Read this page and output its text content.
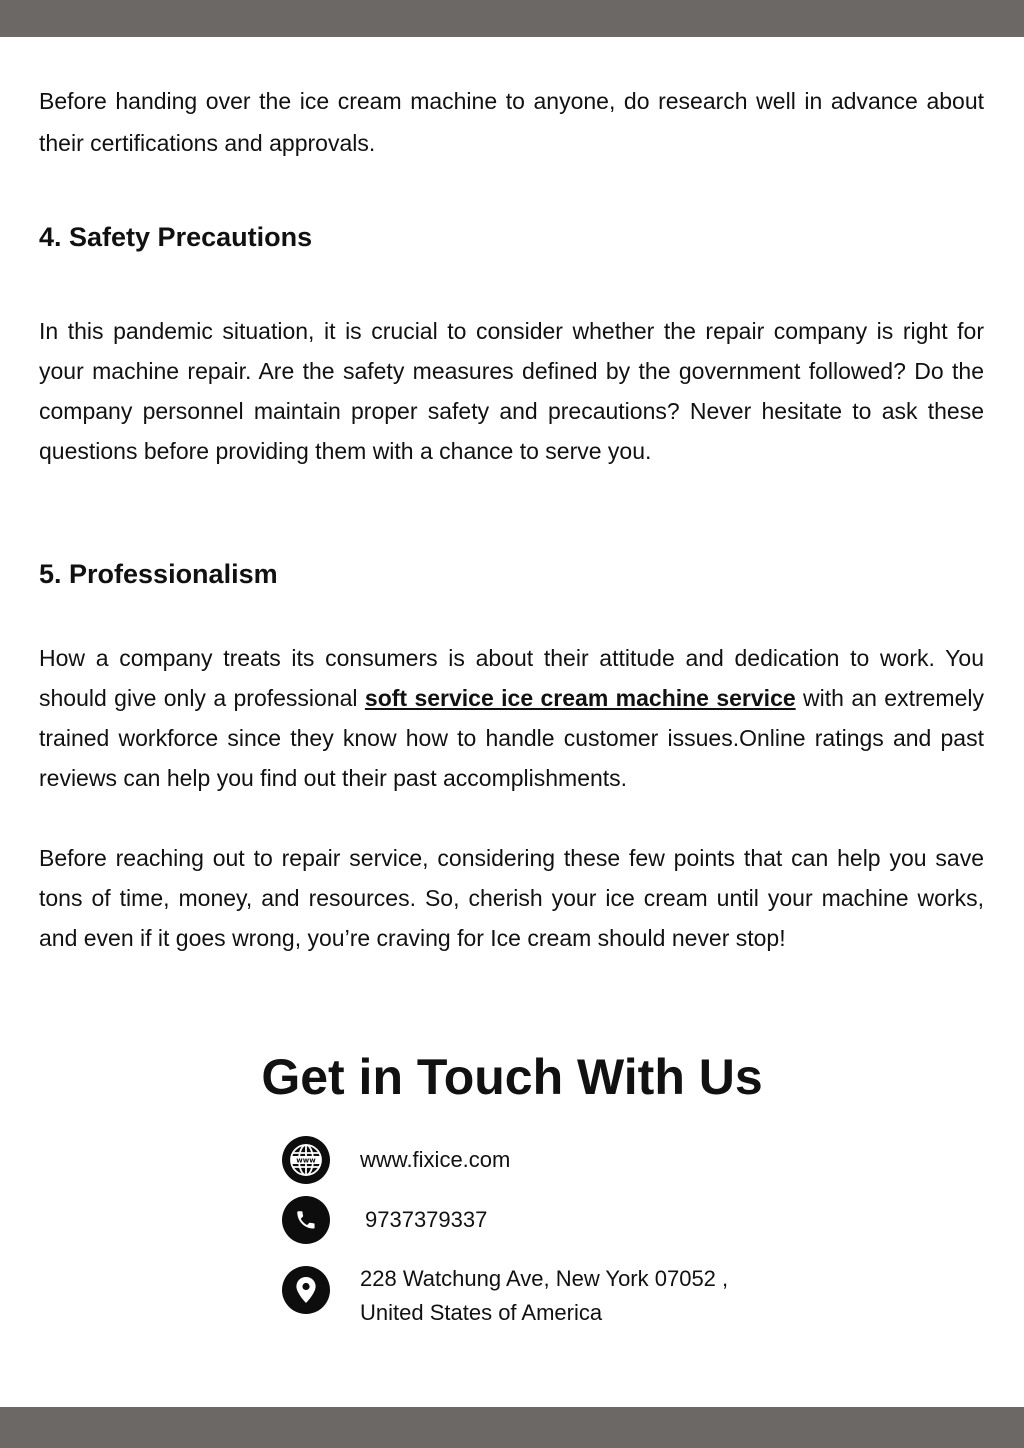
Before handing over the ice cream machine to anyone, do research well in advance about their certifications and approvals.

4. Safety Precautions

In this pandemic situation, it is crucial to consider whether the repair company is right for your machine repair. Are the safety measures defined by the government followed? Do the company personnel maintain proper safety and precautions? Never hesitate to ask these questions before providing them with a chance to serve you.

5. Professionalism

How a company treats its consumers is about their attitude and dedication to work. You should give only a professional soft service ice cream machine service with an extremely trained workforce since they know how to handle customer issues.Online ratings and past reviews can help you find out their past accomplishments.

Before reaching out to repair service, considering these few points that can help you save tons of time, money, and resources. So, cherish your ice cream until your machine works, and even if it goes wrong, you’re craving for Ice cream should never stop!

Get in Touch With Us
www www.fixice.com

9737379337

228 Watchung Ave, New York 07052 ,

United States of America
